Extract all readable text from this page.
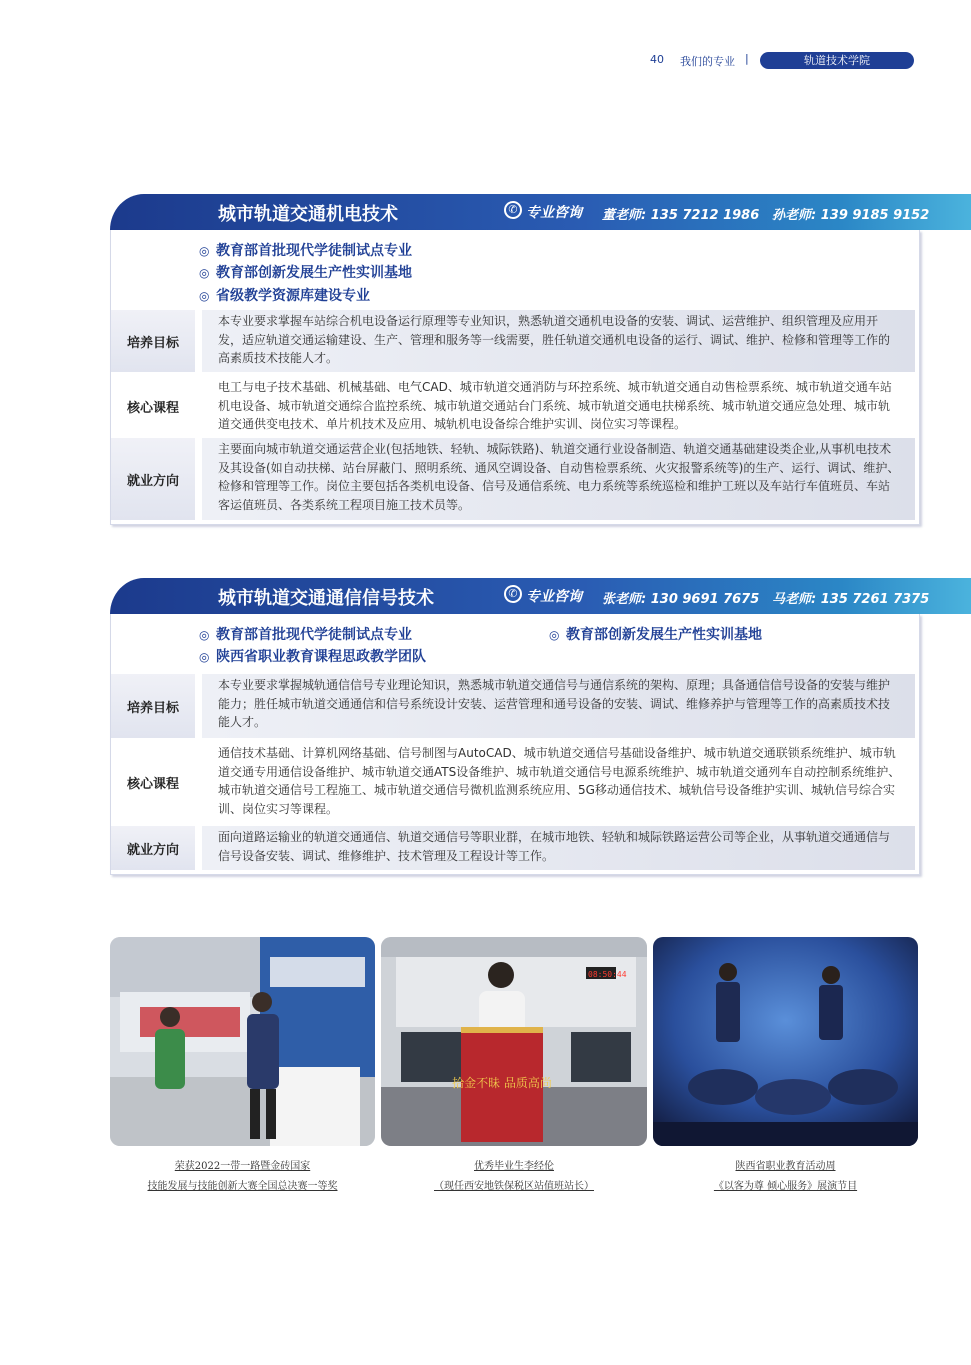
40 我们的专业 |	轨道技术学院
城市轨道交通机电技术	✆ 专业咨询 董老师: 135 7212 1986 孙老师: 139 9185 9152
◎ 教育部首批现代学徒制试点专业
◎ 教育部创新发展生产性实训基地
◎ 省级教学资源库建设专业
培养目标
本专业要求掌握车站综合机电设备运行原理等专业知识，熟悉轨道交通机电设备的安装、调试、运营维护、组织管理及应用开发，适应轨道交通运输建设、生产、管理和服务等一线需要，胜任轨道交通机电设备的运行、调试、维护、检修和管理等工作的高素质技术技能人才。
核心课程
电工与电子技术基础、机械基础、电气CAD、城市轨道交通消防与环控系统、城市轨道交通自动售检票系统、城市轨道交通车站机电设备、城市轨道交通综合监控系统、城市轨道交通站台门系统、城市轨道交通电扶梯系统、城市轨道交通应急处理、城市轨道交通供变电技术、单片机技术及应用、城轨机电设备综合维护实训、岗位实习等课程。
就业方向
主要面向城市轨道交通运营企业(包括地铁、轻轨、城际铁路)、轨道交通行业设备制造、轨道交通基础建设类企业,从事机电技术及其设备(如自动扶梯、站台屏蔽门、照明系统、通风空调设备、自动售检票系统、火灾报警系统等)的生产、运行、调试、维护、检修和管理等工作。岗位主要包括各类机电设备、信号及通信系统、电力系统等系统巡检和维护工班以及车站行车值班员、车站客运值班员、各类系统工程项目施工技术员等。
城市轨道交通通信信号技术	✆ 专业咨询 张老师: 130 9691 7675 马老师: 135 7261 7375
◎ 教育部首批现代学徒制试点专业	◎ 教育部创新发展生产性实训基地
◎ 陕西省职业教育课程思政教学团队
培养目标
本专业要求掌握城轨通信信号专业理论知识，熟悉城市轨道交通信号与通信系统的架构、原理；具备通信信号设备的安装与维护能力；胜任城市轨道交通通信和信号系统设计安装、运营管理和通号设备的安装、调试、维修养护与管理等工作的高素质技术技能人才。
核心课程
通信技术基础、计算机网络基础、信号制图与AutoCAD、城市轨道交通信号基础设备维护、城市轨道交通联锁系统维护、城市轨道交通专用通信设备维护、城市轨道交通ATS设备维护、城市轨道交通信号电源系统维护、城市轨道交通列车自动控制系统维护、城市轨道交通信号工程施工、城市轨道交通信号微机监测系统应用、5G移动通信技术、城轨信号设备维护实训、城轨信号综合实训、岗位实习等课程。
就业方向
面向道路运输业的轨道交通通信、轨道交通信号等职业群，在城市地铁、轻轨和城际铁路运营公司等企业，从事轨道交通通信与信号设备安装、调试、维修维护、技术管理及工程设计等工作。
08:50:44
拾金不昧 品质高尚
荣获2022一带一路暨金砖国家
技能发展与技能创新大赛全国总决赛一等奖
优秀毕业生李经伦
（现任西安地铁保税区站值班站长）
陕西省职业教育活动周
《以客为尊 倾心服务》展演节目
